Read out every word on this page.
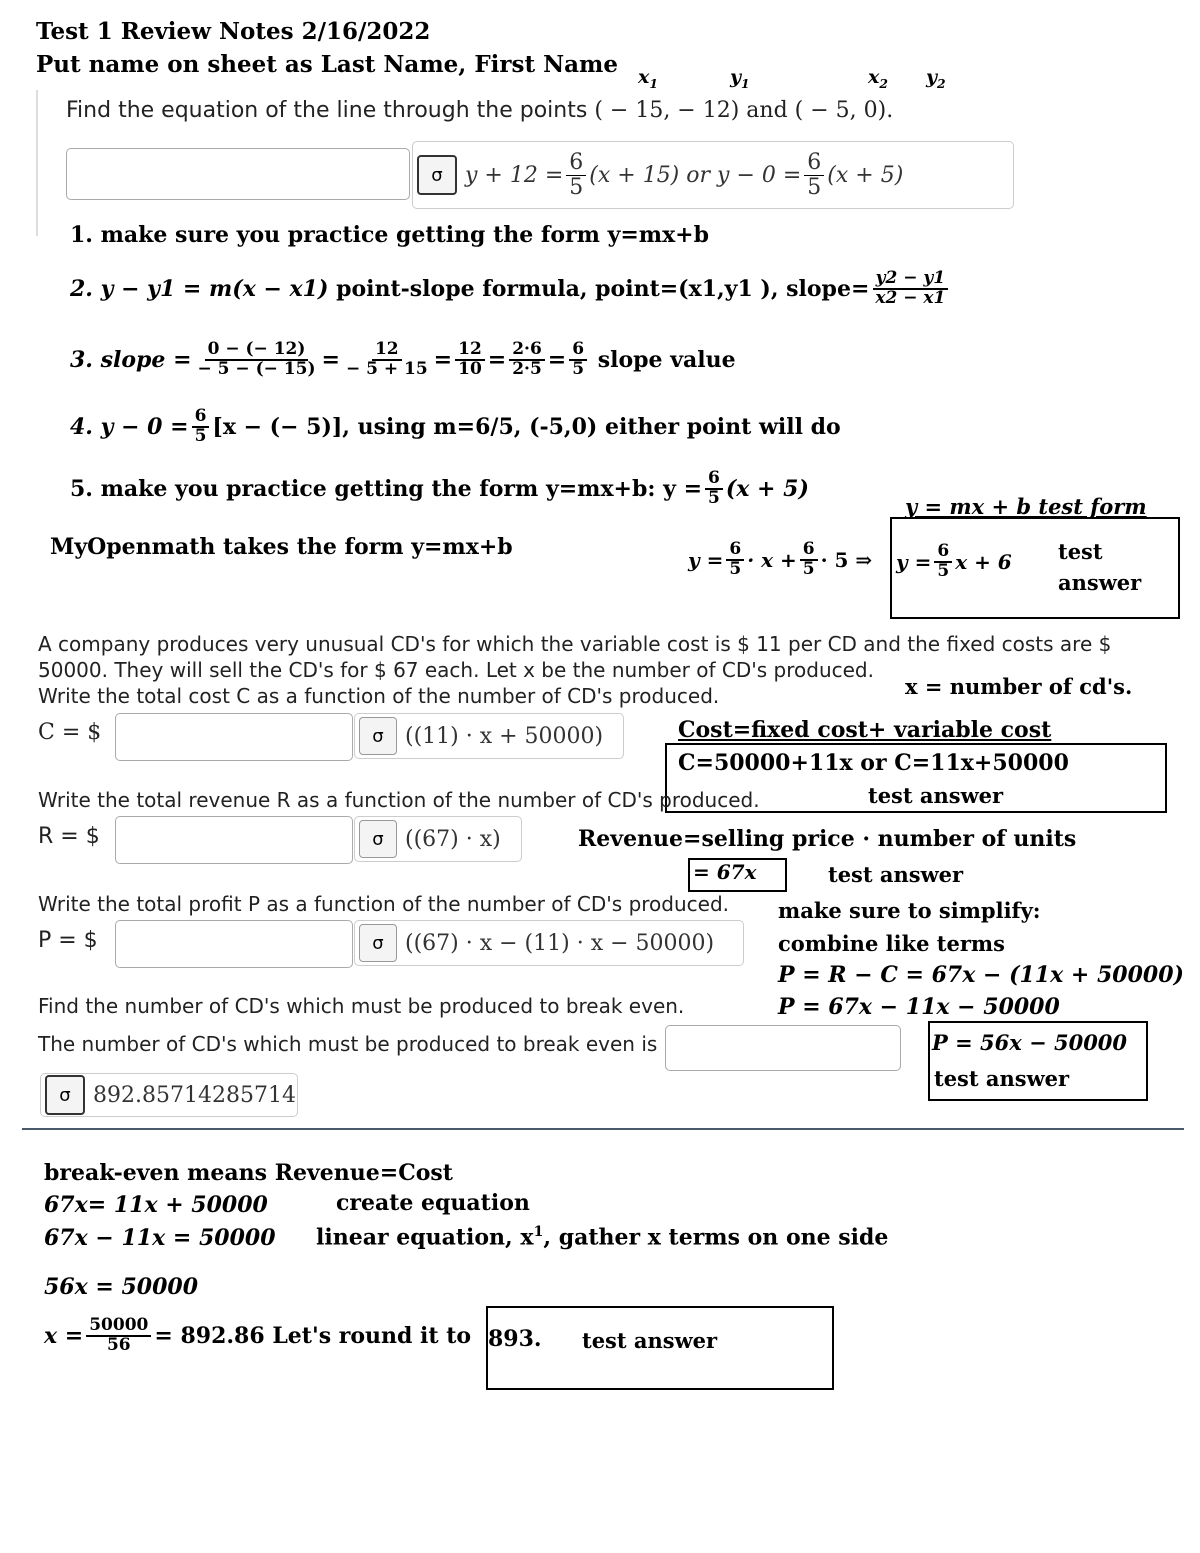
Test 1 Review Notes 2/16/2022
Put name on sheet as Last Name, First Name $x_1$	$y_1$	$x_2$ $y_2$
Find the equation of the line through the points ( − 15, − 12) and ( − 5, 0).
σ	$y + 12 = \frac{6}{5} (x + 15)$ or $y - 0 = \frac{6}{5} (x + 5)$
1. make sure you practice getting the form y=mx+b
2. y − y1 = m(x − x1)
point-slope formula, point=(x1,y1 ), slope= $\frac{y2 - y1}{x2 - x1}$
3. slope = $\frac{0 - (- 12)}{- 5 - (- 15)} = \frac{12}{- 5 + 15} = \frac{12}{10} = \frac{2\cdot 6}{2\cdot 5} = \frac{6}{5}$
slope value
4. $y - 0 = \frac{6}{5} [x$ − (− 5)], using m=6/5, (-5,0) either point will do
5. make you practice getting the form y=mx+b: $y = \frac{6}{5} (x + 5)$
y = mx + b test form
MyOpenmath takes the form y=mx+b	$y = \frac{6}{5} \cdot x + \frac{6}{5} \cdot 5$ ⇒ $y = \frac{6}{5}$ x + 6 test answer
A company produces very unusual CD's for which the variable cost is $ 11 per CD and the fixed costs are $
50000. They will sell the CD's for $ 67 each. Let x be the number of CD's produced.
Write the total cost C as a function of the number of CD's produced.	x = number of cd's.
C = $	σ ((11) · x + 50000)	Cost=fixed cost+ variable cost
C=50000+11x or C=11x+50000
test answer
Write the total revenue R as a function of the number of CD's produced.
R = $	σ ((67) · x)	Revenue=selling price · number of units
= 67x	test answer
Write the total profit P as a function of the number of CD's produced.
P = $	σ ((67) · x − (11) · x − 50000)
make sure to simplify:
combine like terms
P = R − C = 67x − (11x + 50000)
P = 67x − 11x − 50000
Find the number of CD's which must be produced to break even.
The number of CD's which must be produced to break even is
σ	892.85714285714
P = 56x − 50000
test answer
break-even means Revenue=Cost
67x= 11x + 50000	create equation
67x − 11x = 50000 linear equation, $x^1$, gather x terms on one side
56x = 50000
$x = \frac{50000}{56} = 892.86$ Let's round it to 893. test answer
